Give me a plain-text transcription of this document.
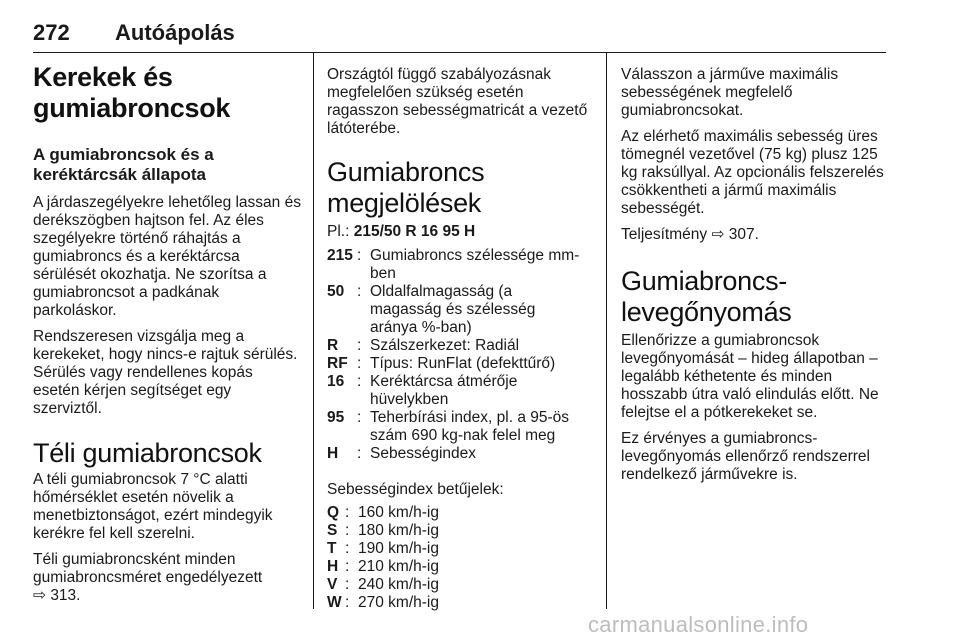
272 Autóápolás
Kerekek és gumiabroncsok
A gumiabroncsok és a keréktárcsák állapota

A járdaszegélyekre lehetőleg lassan és derékszögben hajtson fel. Az éles szegélyekre történő ráhajtás a gumiabroncs és a keréktárcsa sérülését okozhatja. Ne szorítsa a gumiabroncsot a padkának parkoláskor.

Rendszeresen vizsgálja meg a kerekeket, hogy nincs-e rajtuk sérülés. Sérülés vagy rendellenes kopás esetén kérjen segítséget egy szerviztől.

Téli gumiabroncsok

A téli gumiabroncsok 7 °C alatti hőmérséklet esetén növelik a menetbiztonságot, ezért mindegyik kerékre fel kell szerelni.

Téli gumiabroncsként minden gumiabroncsméret engedélyezett
⇨ 313.

Országtól függő szabályozásnak megfelelően szükség esetén ragasszon sebességmatricát a vezető látóterébe.

Gumiabroncs megjelölések

Pl.: 215/50 R 16 95 H

215 : Gumiabroncs szélessége mm-ben
50 : Oldalfalmagasság (a magasság és szélesség aránya %-ban)
R	: Szálszerkezet: Radiál
RF : Típus: RunFlat (defekttűrő)
16 : Keréktárcsa átmérője hüvelykben
95 : Teherbírási index, pl. a 95-ös szám 690 kg-nak felel meg
H	: Sebességindex

Sebességindex betűjelek:

Q : 160 km/h-ig
S : 180 km/h-ig
T : 190 km/h-ig
H : 210 km/h-ig
V : 240 km/h-ig
W : 270 km/h-ig

Válasszon a járműve maximális sebességének megfelelő gumiabroncsokat.

Az elérhető maximális sebesség üres tömegnél vezetővel (75 kg) plusz 125 kg raksúllyal. Az opcionális felszerelés csökkentheti a jármű maximális sebességét.

Teljesítmény ⇨ 307.

Gumiabroncs-levegőnyomás

Ellenőrizze a gumiabroncsok levegőnyomását – hideg állapotban – legalább kéthetente és minden hosszabb útra való elindulás előtt. Ne felejtse el a pótkerekeket se.

Ez érvényes a gumiabroncs-levegőnyomás ellenőrző rendszerrel rendelkező járművekre is.

carmanualsonline.info
